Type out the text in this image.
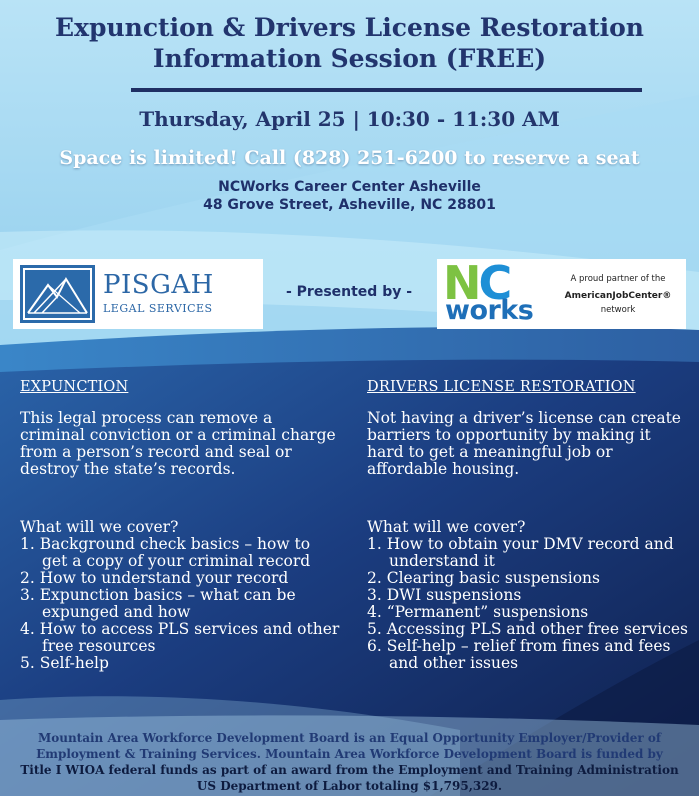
Expunction & Drivers License Restoration
Information Session (FREE)
Thursday, April 25 | 10:30 - 11:30 AM
Space is limited! Call (828) 251-6200 to reserve a seat
NCWorks Career Center Asheville
48 Grove Street, Asheville, NC 28801
PISGAH
LEGAL SERVICES
- Presented by - NC
works
A proud partner of the
AmericanJobCenter®
network
EXPUNCTION

This legal process can remove a criminal conviction or a criminal charge from a person’s record and seal or destroy the state’s records.

What will we cover?

1. Background check basics – how to get a copy of your criminal record
2. How to understand your record
3. Expunction basics – what can be expunged and how
4. How to access PLS services and other free resources
5. Self-help
DRIVERS LICENSE RESTORATION

Not having a driver’s license can create barriers to opportunity by making it hard to get a meaningful job or affordable housing.

What will we cover?

1. How to obtain your DMV record and understand it
2. Clearing basic suspensions
3. DWI suspensions
4. “Permanent” suspensions
5. Accessing PLS and other free services
6. Self-help – relief from fines and fees and other issues
Mountain Area Workforce Development Board is an Equal Opportunity Employer/Provider of
Employment & Training Services. Mountain Area Workforce Development Board is funded by
Title I WIOA federal funds as part of an award from the Employment and Training Administration
US Department of Labor totaling $1,795,329.
